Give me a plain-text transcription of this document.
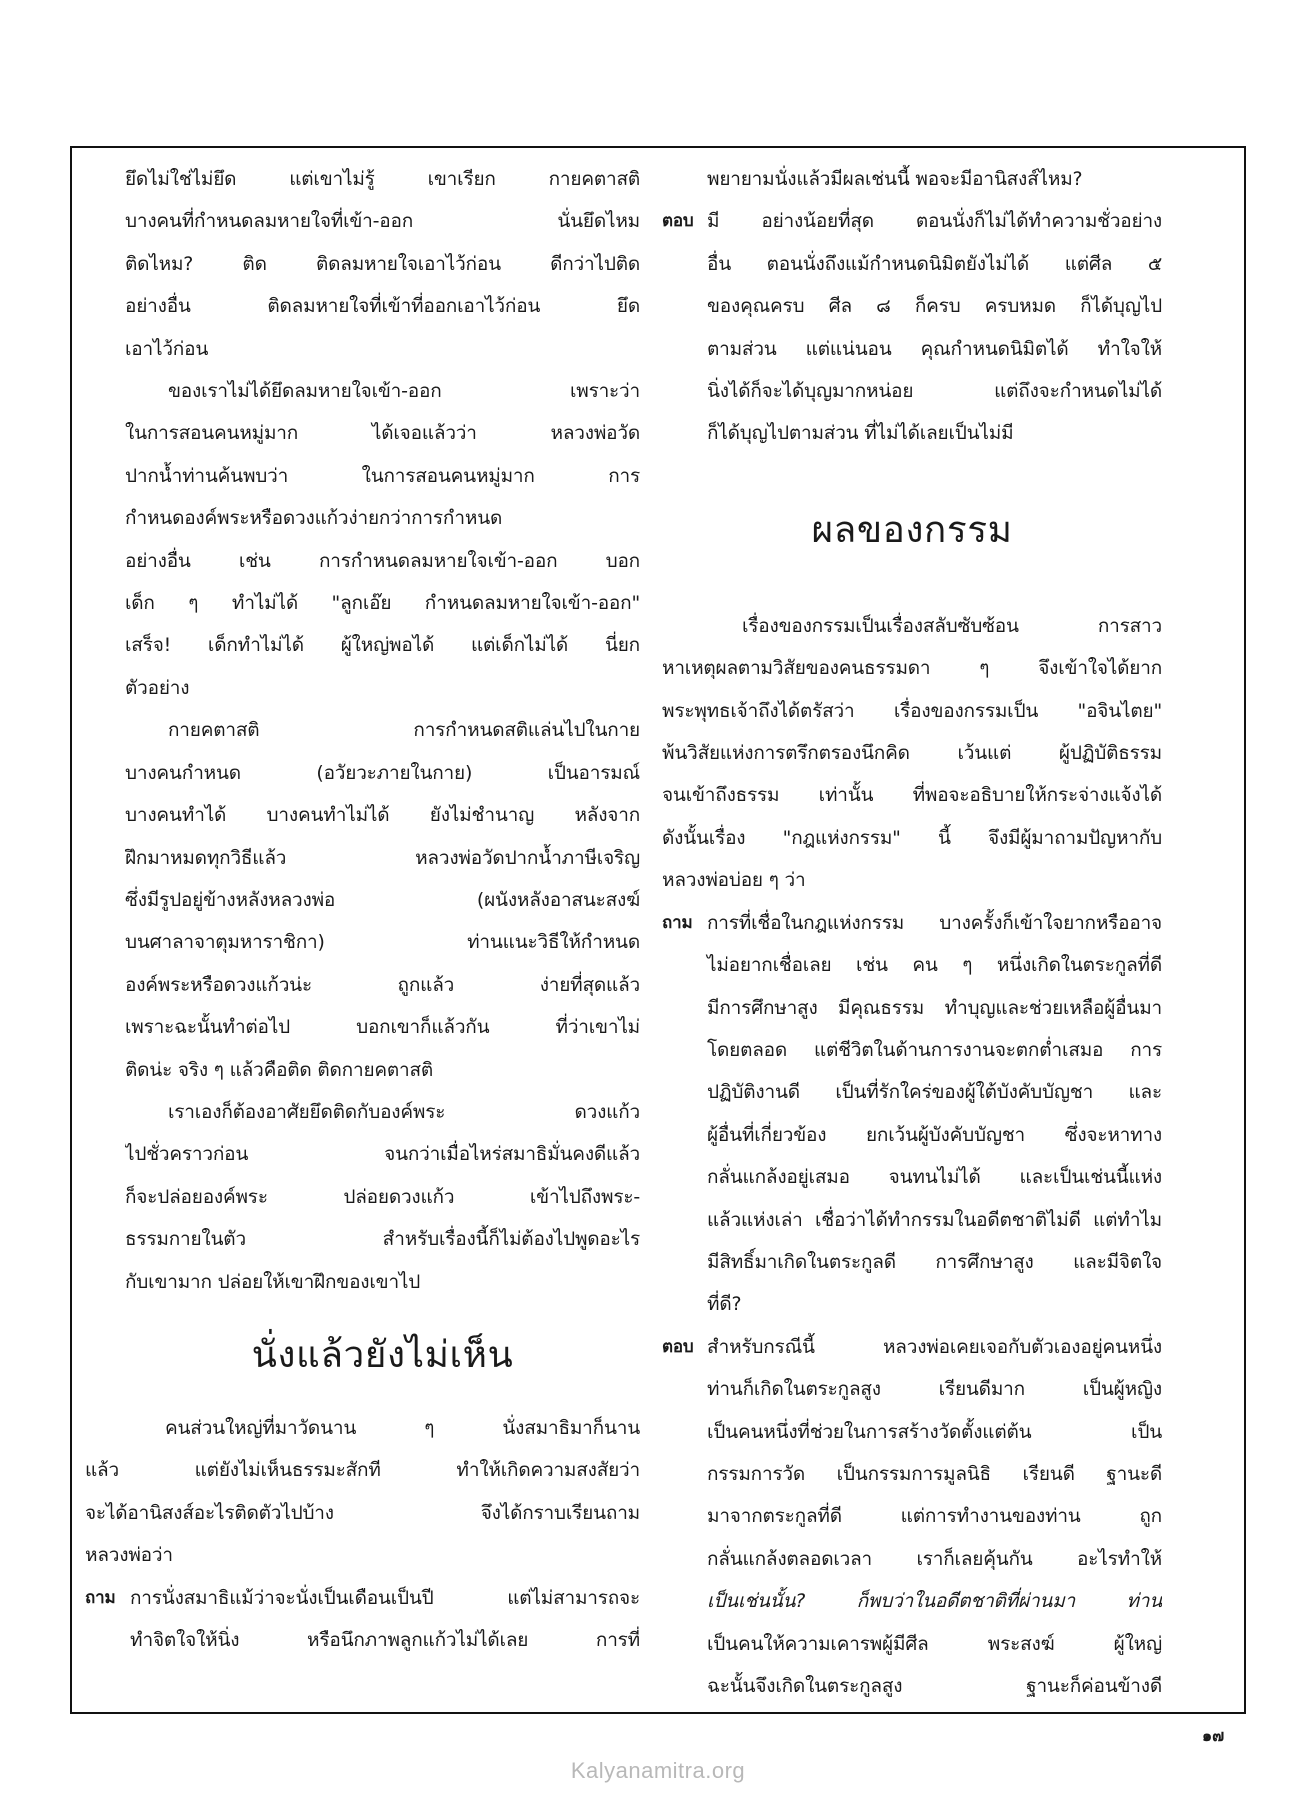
ยึดไม่ใช่ไม่ยึด แต่เขาไม่รู้ เขาเรียก กายคตาสติ

บางคนที่กำหนดลมหายใจที่เข้า-ออก นั่นยึดไหม

ติดไหม? ติด ติดลมหายใจเอาไว้ก่อน ดีกว่าไปติด

อย่างอื่น ติดลมหายใจที่เข้าที่ออกเอาไว้ก่อน ยึด

เอาไว้ก่อน

ของเราไม่ได้ยึดลมหายใจเข้า-ออก เพราะว่า

ในการสอนคนหมู่มาก ได้เจอแล้วว่า หลวงพ่อวัด

ปากน้ำท่านค้นพบว่า ในการสอนคนหมู่มาก การ

กำหนดองค์พระหรือดวงแก้วง่ายกว่าการกำหนด

อย่างอื่น เช่น การกำหนดลมหายใจเข้า-ออก บอก

เด็ก ๆ ทำไม่ได้ "ลูกเอ๊ย กำหนดลมหายใจเข้า-ออก"

เสร็จ! เด็กทำไม่ได้ ผู้ใหญ่พอได้ แต่เด็กไม่ได้ นี่ยก

ตัวอย่าง

กายคตาสติ การกำหนดสติแล่นไปในกาย

บางคนกำหนด (อวัยวะภายในกาย) เป็นอารมณ์

บางคนทำได้ บางคนทำไม่ได้ ยังไม่ชำนาญ หลังจาก

ฝึกมาหมดทุกวิธีแล้ว หลวงพ่อวัดปากน้ำภาษีเจริญ

ซึ่งมีรูปอยู่ข้างหลังหลวงพ่อ (ผนังหลังอาสนะสงฆ์

บนศาลาจาตุมหาราชิกา) ท่านแนะวิธีให้กำหนด

องค์พระหรือดวงแก้วน่ะ ถูกแล้ว ง่ายที่สุดแล้ว

เพราะฉะนั้นทำต่อไป บอกเขาก็แล้วกัน ที่ว่าเขาไม่

ติดน่ะ จริง ๆ แล้วคือติด ติดกายคตาสติ

เราเองก็ต้องอาศัยยึดติดกับองค์พระ ดวงแก้ว

ไปชั่วคราวก่อน จนกว่าเมื่อไหร่สมาธิมั่นคงดีแล้ว

ก็จะปล่อยองค์พระ ปล่อยดวงแก้ว เข้าไปถึงพระ-

ธรรมกายในตัว สำหรับเรื่องนี้ก็ไม่ต้องไปพูดอะไร

กับเขามาก ปล่อยให้เขาฝึกของเขาไป

นั่งแล้วยังไม่เห็น

คนส่วนใหญ่ที่มาวัดนาน ๆ นั่งสมาธิมาก็นาน

แล้ว แต่ยังไม่เห็นธรรมะสักที ทำให้เกิดความสงสัยว่า

จะได้อานิสงส์อะไรติดตัวไปบ้าง จึงได้กราบเรียนถาม

หลวงพ่อว่า

ถาม การนั่งสมาธิแม้ว่าจะนั่งเป็นเดือนเป็นปี แต่ไม่สามารถจะ

ทำจิตใจให้นิ่ง หรือนึกภาพลูกแก้วไม่ได้เลย การที่

พยายามนั่งแล้วมีผลเช่นนี้ พอจะมีอานิสงส์ไหม?

ตอบ มี อย่างน้อยที่สุด ตอนนั่งก็ไม่ได้ทำความชั่วอย่าง

อื่น ตอนนั่งถึงแม้กำหนดนิมิตยังไม่ได้ แต่ศีล ๕

ของคุณครบ ศีล ๘ ก็ครบ ครบหมด ก็ได้บุญไป

ตามส่วน แต่แน่นอน คุณกำหนดนิมิตได้ ทำใจให้

นิ่งได้ก็จะได้บุญมากหน่อย แต่ถึงจะกำหนดไม่ได้

ก็ได้บุญไปตามส่วน ที่ไม่ได้เลยเป็นไม่มี

ผลของกรรม

เรื่องของกรรมเป็นเรื่องสลับซับซ้อน การสาว

หาเหตุผลตามวิสัยของคนธรรมดา ๆ จึงเข้าใจได้ยาก

พระพุทธเจ้าถึงได้ตรัสว่า เรื่องของกรรมเป็น "อจินไตย"

พ้นวิสัยแห่งการตรึกตรองนึกคิด เว้นแต่ ผู้ปฏิบัติธรรม

จนเข้าถึงธรรม เท่านั้น ที่พอจะอธิบายให้กระจ่างแจ้งได้

ดังนั้นเรื่อง "กฎแห่งกรรม" นี้ จึงมีผู้มาถามปัญหากับ

หลวงพ่อบ่อย ๆ ว่า

ถาม การที่เชื่อในกฎแห่งกรรม บางครั้งก็เข้าใจยากหรืออาจ

ไม่อยากเชื่อเลย เช่น คน ๆ หนึ่งเกิดในตระกูลที่ดี

มีการศึกษาสูง มีคุณธรรม ทำบุญและช่วยเหลือผู้อื่นมา

โดยตลอด แต่ชีวิตในด้านการงานจะตกต่ำเสมอ การ

ปฏิบัติงานดี เป็นที่รักใคร่ของผู้ใต้บังคับบัญชา และ

ผู้อื่นที่เกี่ยวข้อง ยกเว้นผู้บังคับบัญชา ซึ่งจะหาทาง

กลั่นแกล้งอยู่เสมอ จนทนไม่ได้ และเป็นเช่นนี้แห่ง

แล้วแห่งเล่า เชื่อว่าได้ทำกรรมในอดีตชาติไม่ดี แต่ทำไม

มีสิทธิ์มาเกิดในตระกูลดี การศึกษาสูง และมีจิตใจ

ที่ดี?

ตอบ สำหรับกรณีนี้ หลวงพ่อเคยเจอกับตัวเองอยู่คนหนึ่ง

ท่านก็เกิดในตระกูลสูง เรียนดีมาก เป็นผู้หญิง

เป็นคนหนึ่งที่ช่วยในการสร้างวัดตั้งแต่ต้น เป็น

กรรมการวัด เป็นกรรมการมูลนิธิ เรียนดี ฐานะดี

มาจากตระกูลที่ดี แต่การทำงานของท่าน ถูก

กลั่นแกล้งตลอดเวลา เราก็เลยคุ้นกัน อะไรทำให้

เป็นเช่นนั้น? ก็พบว่าในอดีตชาติที่ผ่านมา ท่าน

เป็นคนให้ความเคารพผู้มีศีล พระสงฆ์ ผู้ใหญ่

ฉะนั้นจึงเกิดในตระกูลสูง ฐานะก็ค่อนข้างดี

๑๗
Kalyanamitra.org
